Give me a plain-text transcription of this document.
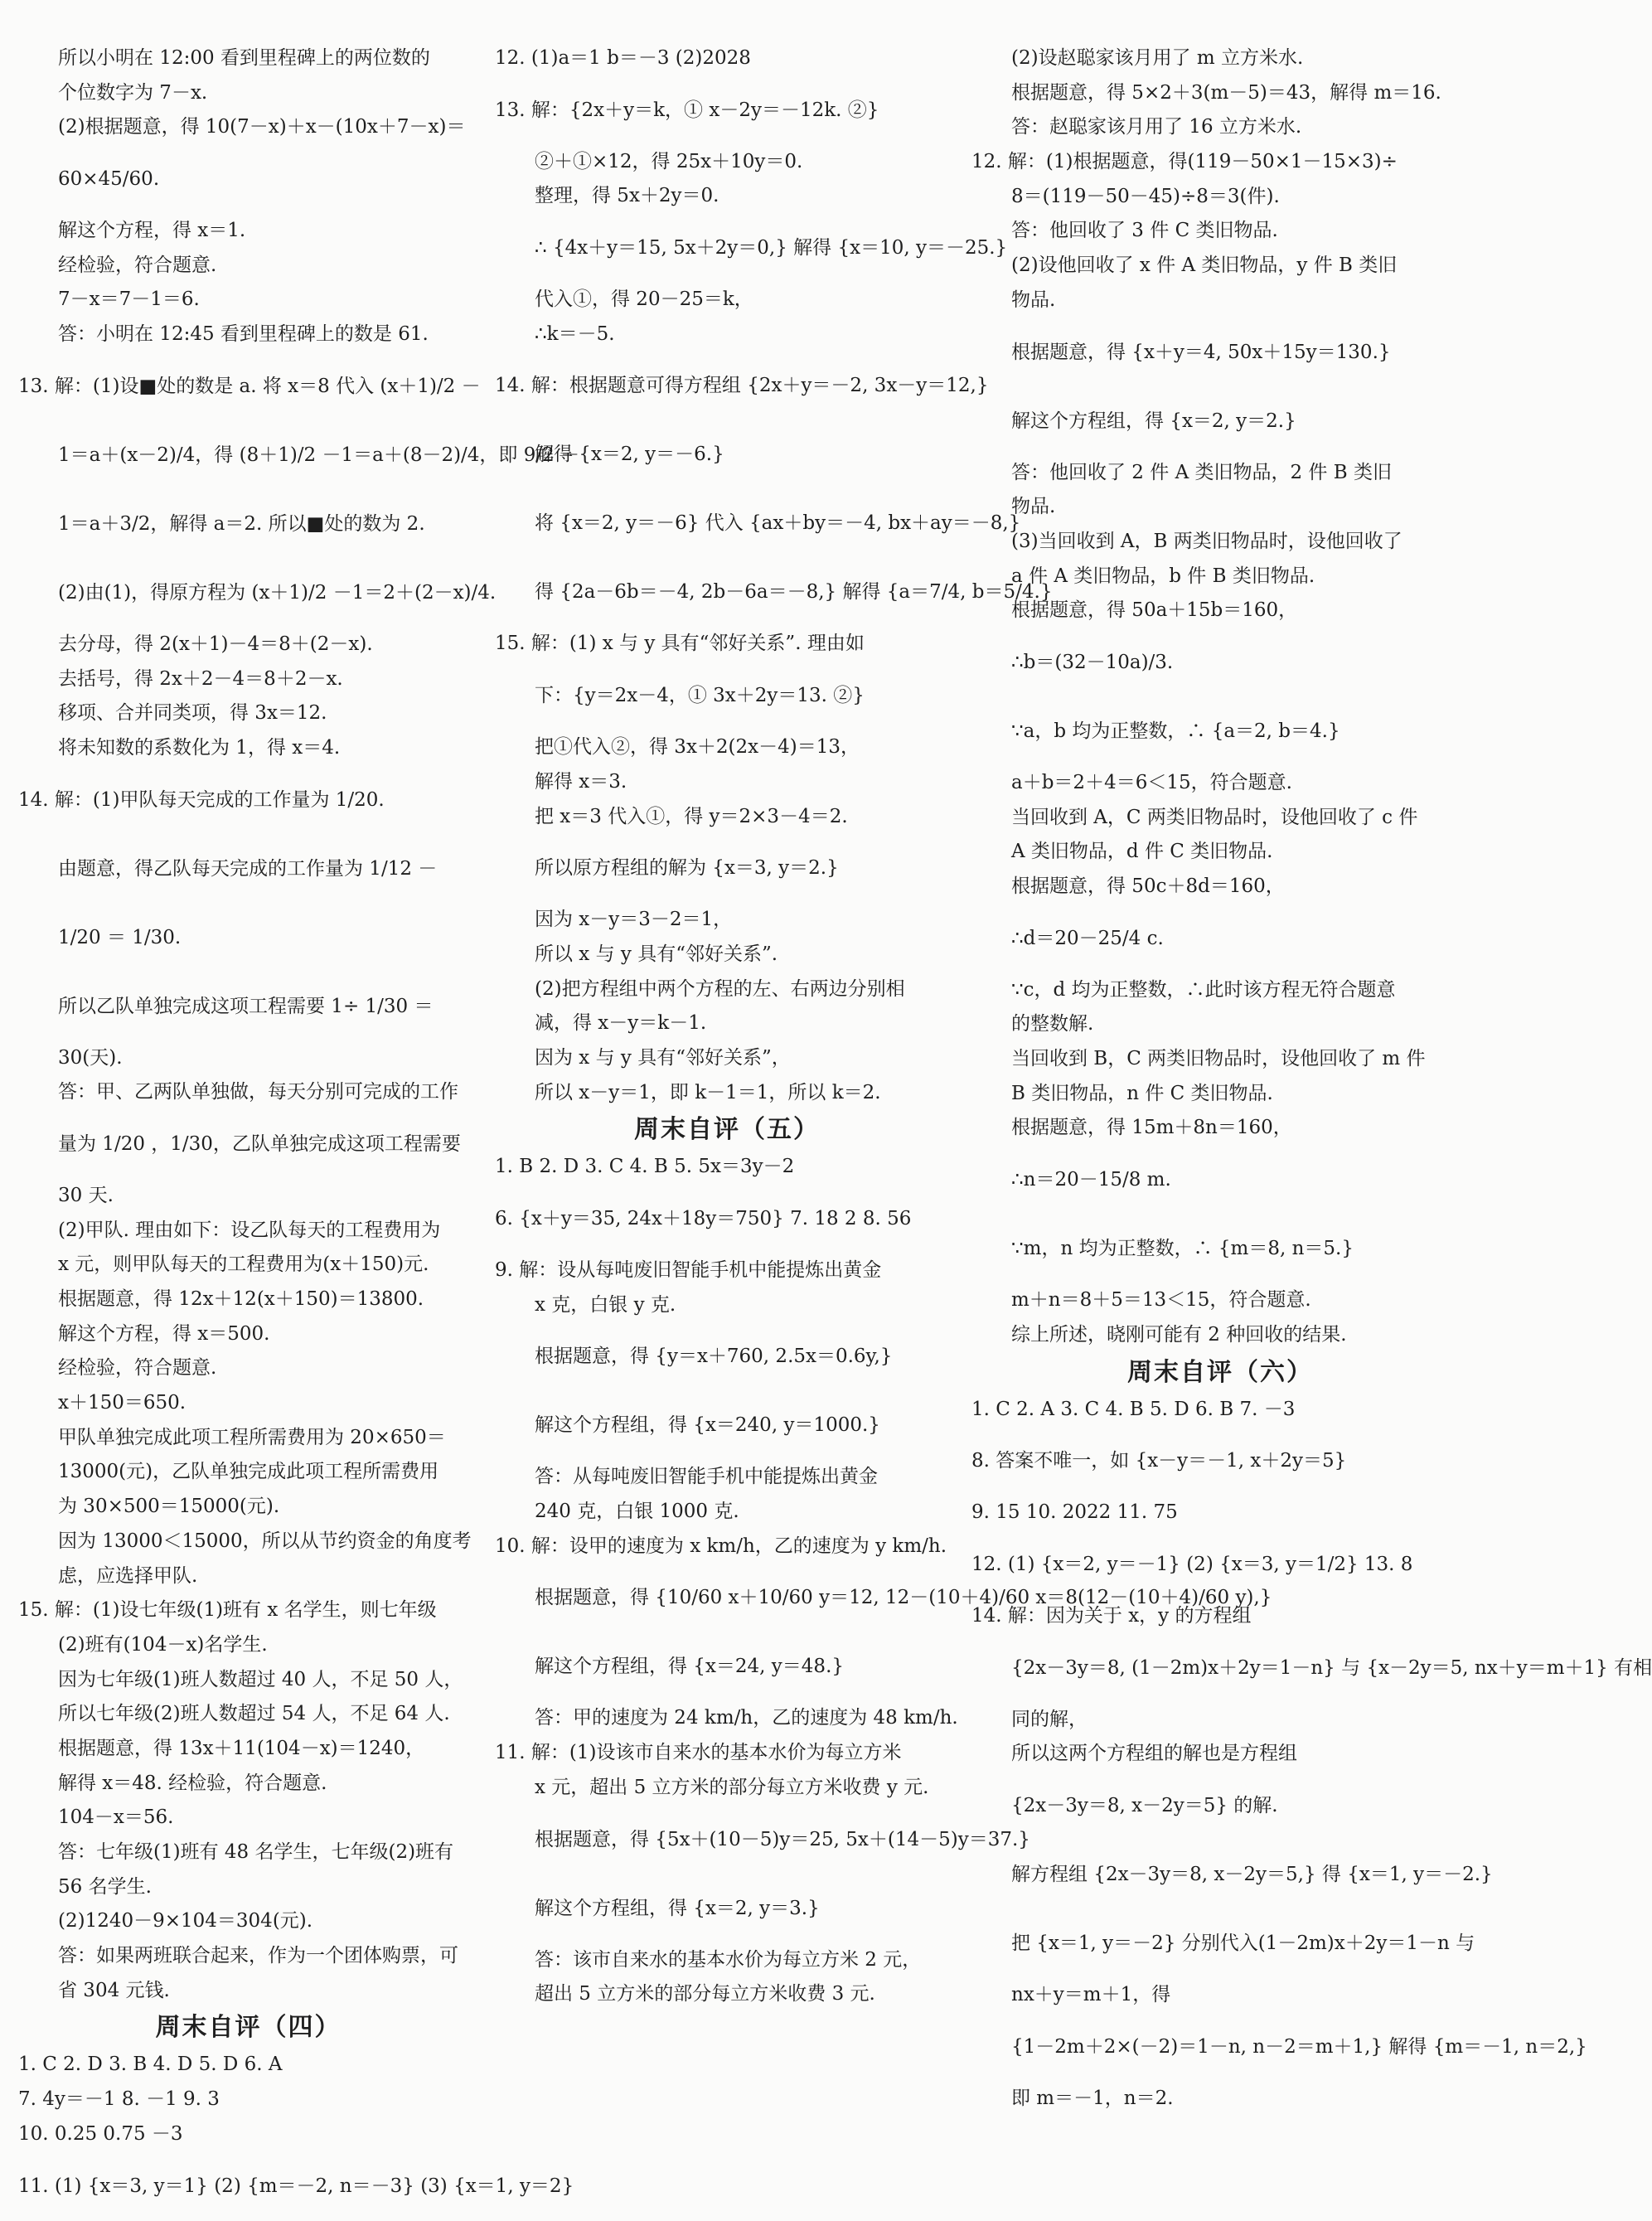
所以小明在 12:00 看到里程碑上的两位数的
个位数字为 7－x.
(2)根据题意，得 10(7－x)＋x－(10x＋7－x)＝
60×45/60.
解这个方程，得 x＝1.
经检验，符合题意.
7－x＝7－1＝6.
答：小明在 12:45 看到里程碑上的数是 61.
13. 解：(1)设■处的数是 a. 将 x＝8 代入 (x＋1)/2 －
1＝a＋(x－2)/4，得 (8＋1)/2 －1＝a＋(8－2)/4，即 9/2 －
1＝a＋3/2，解得 a＝2. 所以■处的数为 2.
(2)由(1)，得原方程为 (x＋1)/2 －1＝2＋(2－x)/4.
去分母，得 2(x＋1)－4＝8＋(2－x).
去括号，得 2x＋2－4＝8＋2－x.
移项、合并同类项，得 3x＝12.
将未知数的系数化为 1，得 x＝4.
14. 解：(1)甲队每天完成的工作量为 1/20.
由题意，得乙队每天完成的工作量为 1/12 －
1/20 ＝ 1/30.
所以乙队单独完成这项工程需要 1÷ 1/30 ＝
30(天).
答：甲、乙两队单独做，每天分别可完成的工作
量为 1/20 ，1/30，乙队单独完成这项工程需要
30 天.
(2)甲队. 理由如下：设乙队每天的工程费用为
x 元，则甲队每天的工程费用为(x＋150)元.
根据题意，得 12x＋12(x＋150)＝13800.
解这个方程，得 x＝500.
经检验，符合题意.
x＋150＝650.
甲队单独完成此项工程所需费用为 20×650＝
13000(元)，乙队单独完成此项工程所需费用
为 30×500＝15000(元).
因为 13000＜15000，所以从节约资金的角度考
虑，应选择甲队.
15. 解：(1)设七年级(1)班有 x 名学生，则七年级
(2)班有(104－x)名学生.
因为七年级(1)班人数超过 40 人，不足 50 人，
所以七年级(2)班人数超过 54 人，不足 64 人.
根据题意，得 13x＋11(104－x)＝1240，
解得 x＝48. 经检验，符合题意.
104－x＝56.
答：七年级(1)班有 48 名学生，七年级(2)班有
56 名学生.
(2)1240－9×104＝304(元).
答：如果两班联合起来，作为一个团体购票，可
省 304 元钱.
周末自评（四）
1. C 2. D 3. B 4. D 5. D 6. A
7. 4y＝－1 8. －1 9. 3
10. 0.25 0.75 －3
11. (1) {x＝3, y＝1} (2) {m＝－2, n＝－3} (3) {x＝1, y＝2}
12. (1)a＝1 b＝－3 (2)2028
13. 解：{2x＋y＝k，① x－2y＝－12k. ②}
②＋①×12，得 25x＋10y＝0.
整理，得 5x＋2y＝0.
∴ {4x＋y＝15, 5x＋2y＝0,} 解得 {x＝10, y＝－25.}
代入①，得 20－25＝k，
∴k＝－5.
14. 解：根据题意可得方程组 {2x＋y＝－2, 3x－y＝12,}
解得 {x＝2, y＝－6.}
将 {x＝2, y＝－6} 代入 {ax＋by＝－4, bx＋ay＝－8,}
得 {2a－6b＝－4, 2b－6a＝－8,} 解得 {a＝7/4, b＝5/4.}
15. 解：(1) x 与 y 具有“邻好关系”. 理由如
下：{y＝2x－4，① 3x＋2y＝13. ②}
把①代入②，得 3x＋2(2x－4)＝13，
解得 x＝3.
把 x＝3 代入①，得 y＝2×3－4＝2.
所以原方程组的解为 {x＝3, y＝2.}
因为 x－y＝3－2＝1，
所以 x 与 y 具有“邻好关系”.
(2)把方程组中两个方程的左、右两边分别相
减，得 x－y＝k－1.
因为 x 与 y 具有“邻好关系”，
所以 x－y＝1，即 k－1＝1，所以 k＝2.
周末自评（五）
1. B 2. D 3. C 4. B 5. 5x＝3y－2
6. {x＋y＝35, 24x＋18y＝750} 7. 18 2 8. 56
9. 解：设从每吨废旧智能手机中能提炼出黄金
x 克，白银 y 克.
根据题意，得 {y＝x＋760, 2.5x＝0.6y,}
解这个方程组，得 {x＝240, y＝1000.}
答：从每吨废旧智能手机中能提炼出黄金
240 克，白银 1000 克.
10. 解：设甲的速度为 x km/h，乙的速度为 y km/h.
根据题意，得 {10/60 x＋10/60 y＝12, 12－(10＋4)/60 x＝8(12－(10＋4)/60 y),}
解这个方程组，得 {x＝24, y＝48.}
答：甲的速度为 24 km/h，乙的速度为 48 km/h.
11. 解：(1)设该市自来水的基本水价为每立方米
x 元，超出 5 立方米的部分每立方米收费 y 元.
根据题意，得 {5x＋(10－5)y＝25, 5x＋(14－5)y＝37.}
解这个方程组，得 {x＝2, y＝3.}
答：该市自来水的基本水价为每立方米 2 元，
超出 5 立方米的部分每立方米收费 3 元.
(2)设赵聪家该月用了 m 立方米水.
根据题意，得 5×2＋3(m－5)＝43，解得 m＝16.
答：赵聪家该月用了 16 立方米水.
12. 解：(1)根据题意，得(119－50×1－15×3)÷
8＝(119－50－45)÷8＝3(件).
答：他回收了 3 件 C 类旧物品.
(2)设他回收了 x 件 A 类旧物品，y 件 B 类旧
物品.
根据题意，得 {x＋y＝4, 50x＋15y＝130.}
解这个方程组，得 {x＝2, y＝2.}
答：他回收了 2 件 A 类旧物品，2 件 B 类旧
物品.
(3)当回收到 A，B 两类旧物品时，设他回收了
a 件 A 类旧物品，b 件 B 类旧物品.
根据题意，得 50a＋15b＝160，
∴b＝(32－10a)/3.
∵a，b 均为正整数，∴ {a＝2, b＝4.}
a＋b＝2＋4＝6＜15，符合题意.
当回收到 A，C 两类旧物品时，设他回收了 c 件
A 类旧物品，d 件 C 类旧物品.
根据题意，得 50c＋8d＝160，
∴d＝20－25/4 c.
∵c，d 均为正整数，∴此时该方程无符合题意
的整数解.
当回收到 B，C 两类旧物品时，设他回收了 m 件
B 类旧物品，n 件 C 类旧物品.
根据题意，得 15m＋8n＝160，
∴n＝20－15/8 m.
∵m，n 均为正整数，∴ {m＝8, n＝5.}
m＋n＝8＋5＝13＜15，符合题意.
综上所述，晓刚可能有 2 种回收的结果.
周末自评（六）
1. C 2. A 3. C 4. B 5. D 6. B 7. －3
8. 答案不唯一，如 {x－y＝－1, x＋2y＝5}
9. 15 10. 2022 11. 75
12. (1) {x＝2, y＝－1} (2) {x＝3, y＝1/2} 13. 8
14. 解：因为关于 x，y 的方程组
{2x－3y＝8, (1－2m)x＋2y＝1－n} 与 {x－2y＝5, nx＋y＝m＋1} 有相
同的解，
所以这两个方程组的解也是方程组
{2x－3y＝8, x－2y＝5} 的解.
解方程组 {2x－3y＝8, x－2y＝5,} 得 {x＝1, y＝－2.}
把 {x＝1, y＝－2} 分别代入(1－2m)x＋2y＝1－n 与
nx＋y＝m＋1，得
{1－2m＋2×(－2)＝1－n, n－2＝m＋1,} 解得 {m＝－1, n＝2,}
即 m＝－1，n＝2.
